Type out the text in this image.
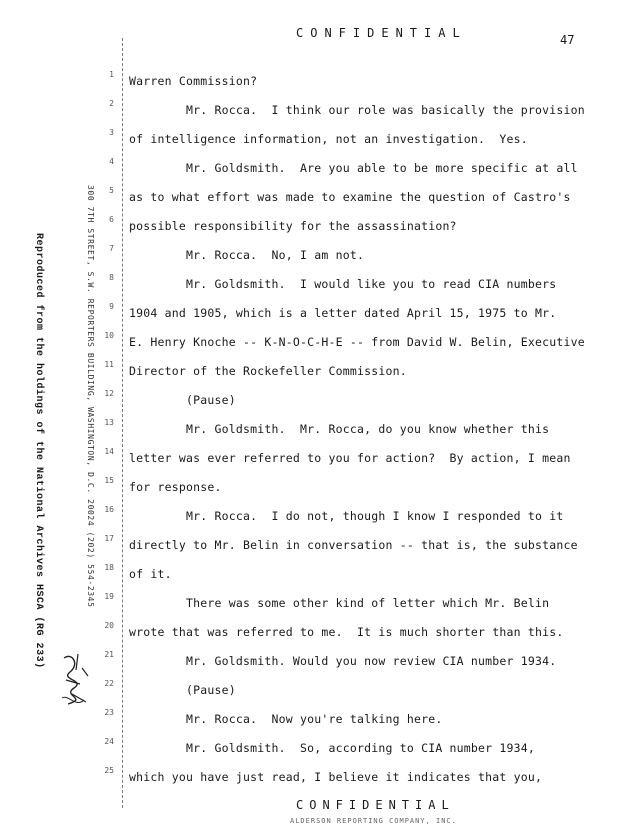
CONFIDENTIAL	47
Reproduced from the holdings of the National Archives HSCA (RG 233)	300 7TH STREET, S.W. REPORTERS BUILDING, WASHINGTON, D.C. 20024 (202) 554-2345
1
2
3
4
5
6
7
8
9
10
11
12
13
14
15
16
17
18
19
20
21
22
23
24
25
Warren Commission?
Mr. Rocca.  I think our role was basically the provision
of intelligence information, not an investigation.  Yes.
Mr. Goldsmith.  Are you able to be more specific at all
as to what effort was made to examine the question of Castro's
possible responsibility for the assassination?
Mr. Rocca.  No, I am not.
Mr. Goldsmith.  I would like you to read CIA numbers
1904 and 1905, which is a letter dated April 15, 1975 to Mr.
E. Henry Knoche -- K-N-O-C-H-E -- from David W. Belin, Executive
Director of the Rockefeller Commission.
(Pause)
Mr. Goldsmith.  Mr. Rocca, do you know whether this
letter was ever referred to you for action?  By action, I mean
for response.
Mr. Rocca.  I do not, though I know I responded to it
directly to Mr. Belin in conversation -- that is, the substance
of it.
There was some other kind of letter which Mr. Belin
wrote that was referred to me.  It is much shorter than this.
Mr. Goldsmith. Would you now review CIA number 1934.
(Pause)
Mr. Rocca.  Now you're talking here.
Mr. Goldsmith.  So, according to CIA number 1934,
which you have just read, I believe it indicates that you,
CONFIDENTIAL
ALDERSON REPORTING COMPANY, INC.
